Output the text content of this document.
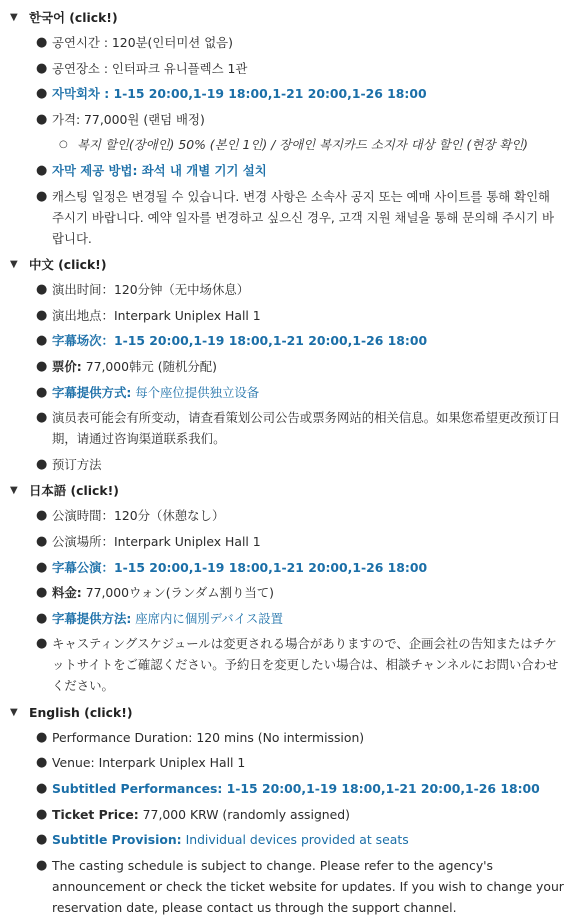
▼ 한국어 (click!)
● 공연시간 : 120분(인터미션 없음)
● 공연장소 : 인터파크 유니플렉스 1관
● 자막회차 : 1-15 20:00,1-19 18:00,1-21 20:00,1-26 18:00
● 가격: 77,000원 (랜덤 배정)
○ 복지 할인(장애인) 50% (본인 1인) / 장애인 복지카드 소지자 대상 할인 (현장 확인)
● 자막 제공 방법: 좌석 내 개별 기기 설치
● 캐스팅 일정은 변경될 수 있습니다. 변경 사항은 소속사 공지 또는 예매 사이트를 통해 확인해 주시기 바랍니다. 예약 일자를 변경하고 싶으신 경우, 고객 지원 채널을 통해 문의해 주시기 바랍니다.
▼ 中文 (click!)
● 演出时间：120分钟（无中场休息）
● 演出地点：Interpark Uniplex Hall 1
● 字幕场次：1-15 20:00,1-19 18:00,1-21 20:00,1-26 18:00
● 票价: 77,000韩元 (随机分配)
● 字幕提供方式: 每个座位提供独立设备
● 演员表可能会有所变动，请查看策划公司公告或票务网站的相关信息。如果您希望更改预订日期，请通过咨询渠道联系我们。
● 预订方法
▼ 日本語 (click!)
● 公演時間：120分（休憩なし）
● 公演場所：Interpark Uniplex Hall 1
● 字幕公演：1-15 20:00,1-19 18:00,1-21 20:00,1-26 18:00
● 料金: 77,000ウォン(ランダム割り当て)
● 字幕提供方法: 座席内に個別デバイス設置
● キャスティングスケジュールは変更される場合がありますので、企画会社の告知またはチケットサイトをご確認ください。予約日を変更したい場合は、相談チャンネルにお問い合わせください。
▼ English (click!)
● Performance Duration: 120 mins (No intermission)
● Venue: Interpark Uniplex Hall 1
● Subtitled Performances: 1-15 20:00,1-19 18:00,1-21 20:00,1-26 18:00
● Ticket Price: 77,000 KRW (randomly assigned)
● Subtitle Provision: Individual devices provided at seats
● The casting schedule is subject to change. Please refer to the agency's announcement or check the ticket website for updates. If you wish to change your reservation date, please contact us through the support channel.
